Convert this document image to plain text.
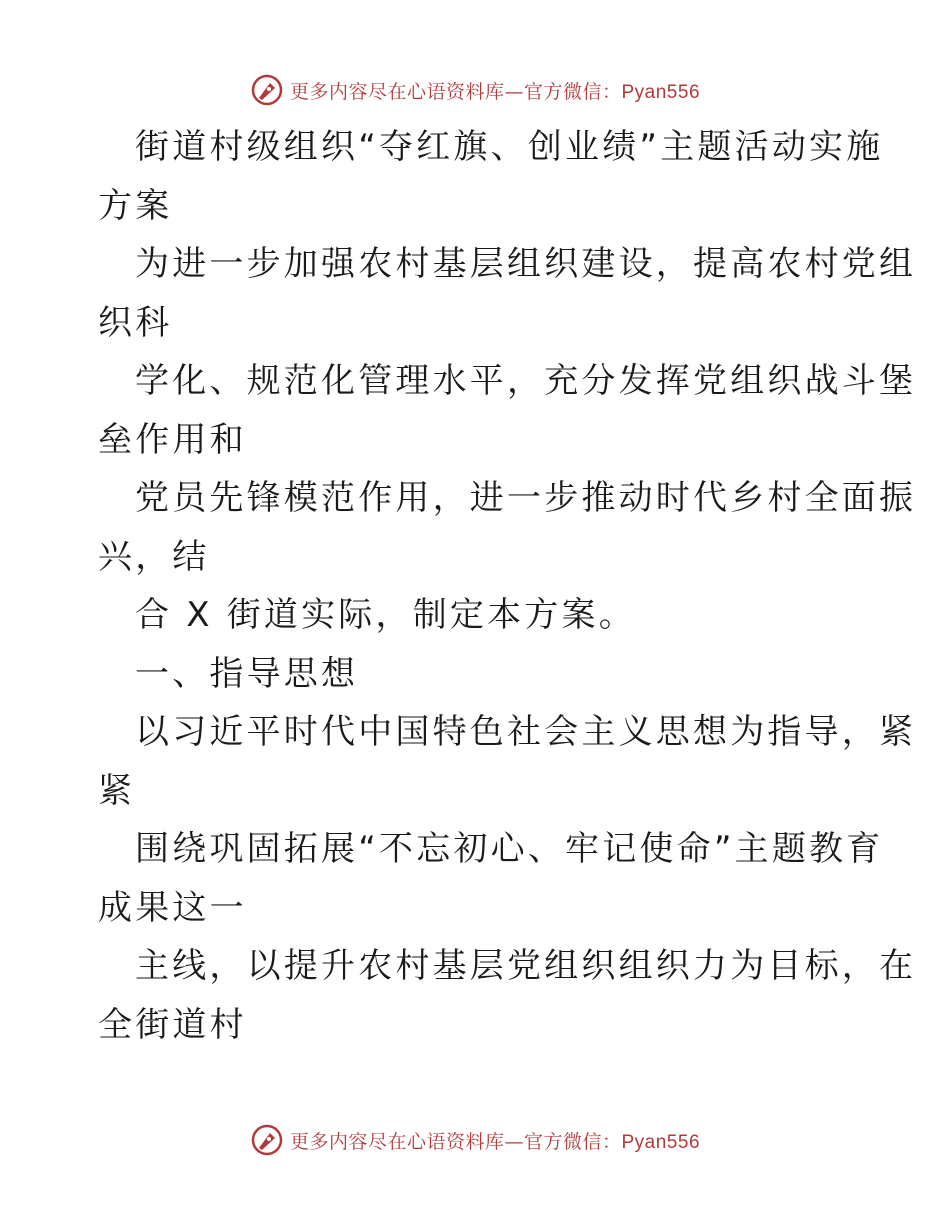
更多内容尽在心语资料库—官方微信：Pyan556
街道村级组织“夺红旗、创业绩”主题活动实施
方案
为进一步加强农村基层组织建设，提高农村党组
织科
学化、规范化管理水平，充分发挥党组织战斗堡
垒作用和
党员先锋模范作用，进一步推动时代乡村全面振
兴，结
合 X 街道实际，制定本方案。
一、指导思想
以习近平时代中国特色社会主义思想为指导，紧
紧
围绕巩固拓展“不忘初心、牢记使命”主题教育
成果这一
主线，以提升农村基层党组织组织力为目标，在
全街道村
更多内容尽在心语资料库—官方微信：Pyan556
